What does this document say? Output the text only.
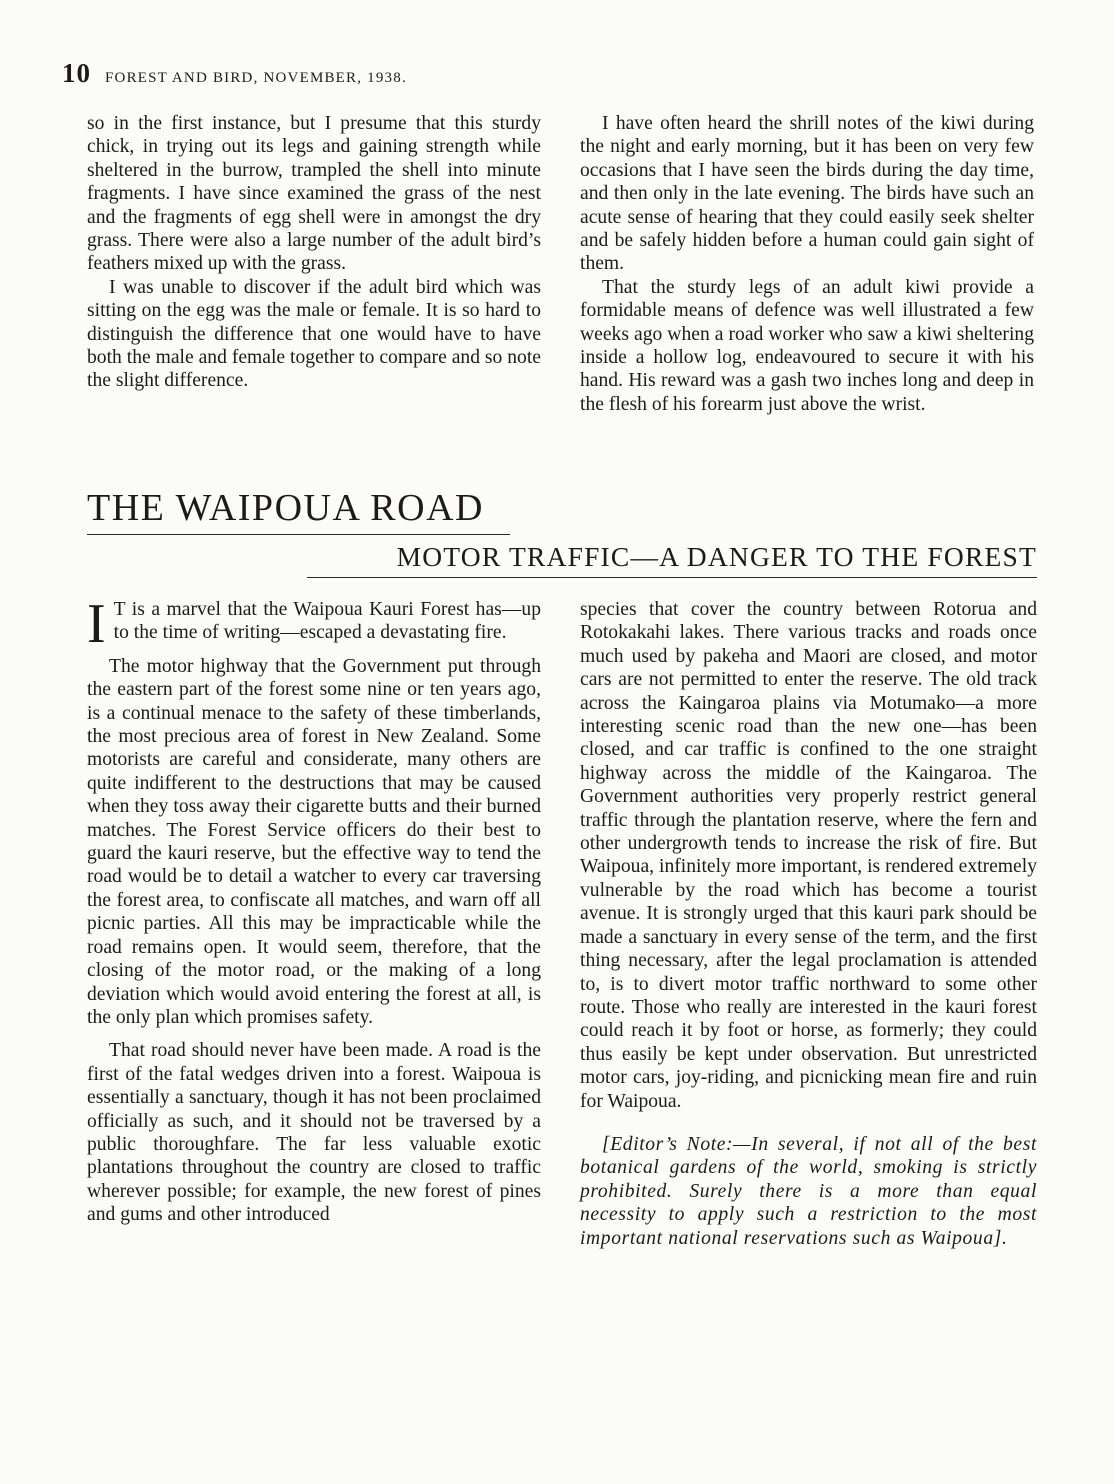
10 FOREST AND BIRD, NOVEMBER, 1938.

so in the first instance, but I presume that this sturdy chick, in trying out its legs and gaining strength while sheltered in the burrow, trampled the shell into minute fragments. I have since examined the grass of the nest and the fragments of egg shell were in amongst the dry grass. There were also a large number of the adult bird’s feathers mixed up with the grass.

I was unable to discover if the adult bird which was sitting on the egg was the male or female. It is so hard to distinguish the difference that one would have to have both the male and female together to compare and so note the slight difference.

I have often heard the shrill notes of the kiwi during the night and early morning, but it has been on very few occasions that I have seen the birds during the day time, and then only in the late evening. The birds have such an acute sense of hearing that they could easily seek shelter and be safely hidden before a human could gain sight of them.

That the sturdy legs of an adult kiwi provide a formidable means of defence was well illustrated a few weeks ago when a road worker who saw a kiwi sheltering inside a hollow log, endeavoured to secure it with his hand. His reward was a gash two inches long and deep in the flesh of his forearm just above the wrist.

THE WAIPOUA ROAD
MOTOR TRAFFIC—A DANGER TO THE FOREST

I T is a marvel that the Waipoua Kauri Forest has—up to the time of writing—escaped a devastating fire.

The motor highway that the Government put through the eastern part of the forest some nine or ten years ago, is a continual menace to the safety of these timberlands, the most precious area of forest in New Zealand. Some motorists are careful and considerate, many others are quite indifferent to the destructions that may be caused when they toss away their cigarette butts and their burned matches. The Forest Service officers do their best to guard the kauri reserve, but the effective way to tend the road would be to detail a watcher to every car traversing the forest area, to confiscate all matches, and warn off all picnic parties. All this may be impracticable while the road remains open. It would seem, therefore, that the closing of the motor road, or the making of a long deviation which would avoid entering the forest at all, is the only plan which promises safety.

That road should never have been made. A road is the first of the fatal wedges driven into a forest. Waipoua is essentially a sanctuary, though it has not been proclaimed officially as such, and it should not be traversed by a public thoroughfare. The far less valuable exotic plantations throughout the country are closed to traffic wherever possible; for example, the new forest of pines and gums and other introduced

species that cover the country between Rotorua and Rotokakahi lakes. There various tracks and roads once much used by pakeha and Maori are closed, and motor cars are not permitted to enter the reserve. The old track across the Kaingaroa plains via Motumako—a more interesting scenic road than the new one—has been closed, and car traffic is confined to the one straight highway across the middle of the Kaingaroa. The Government authorities very properly restrict general traffic through the plantation reserve, where the fern and other undergrowth tends to increase the risk of fire. But Waipoua, infinitely more important, is rendered extremely vulnerable by the road which has become a tourist avenue. It is strongly urged that this kauri park should be made a sanctuary in every sense of the term, and the first thing necessary, after the legal proclamation is attended to, is to divert motor traffic northward to some other route. Those who really are interested in the kauri forest could reach it by foot or horse, as formerly; they could thus easily be kept under observation. But unrestricted motor cars, joy-riding, and picnicking mean fire and ruin for Waipoua.

[Editor’s Note:—In several, if not all of the best botanical gardens of the world, smoking is strictly prohibited. Surely there is a more than equal necessity to apply such a restriction to the most important national reservations such as Waipoua].
